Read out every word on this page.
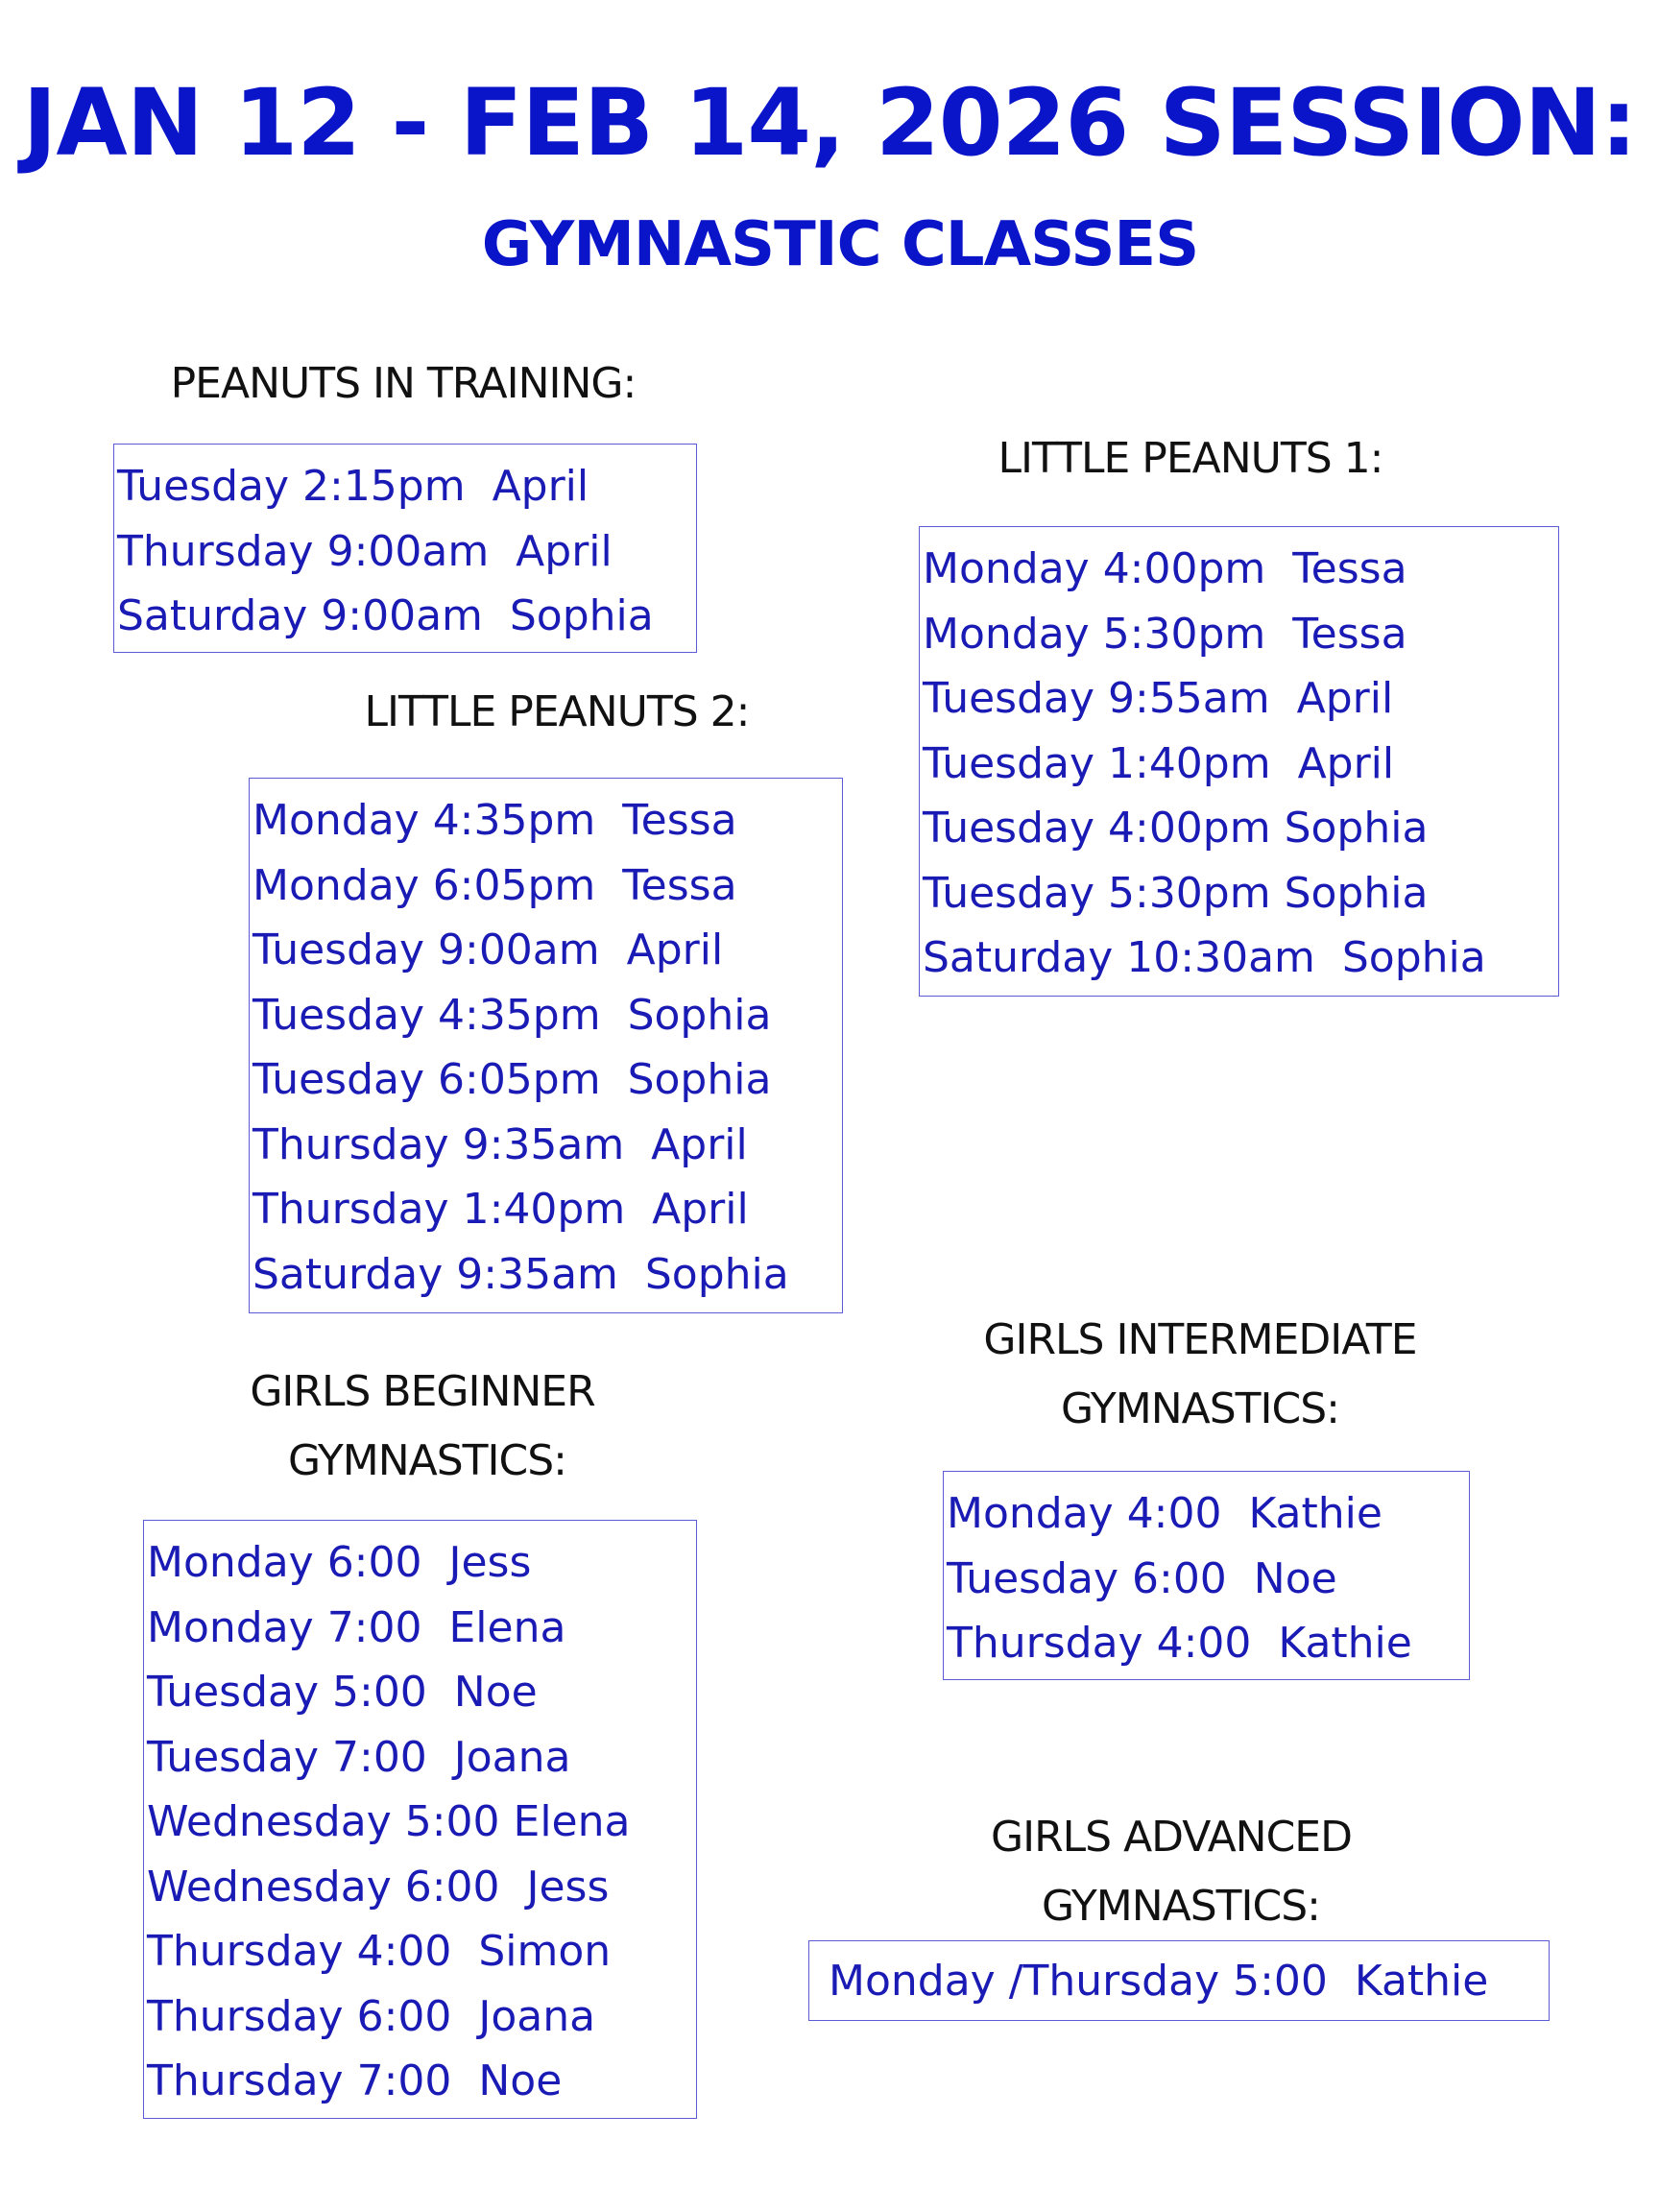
JAN 12 - FEB 14, 2026 SESSION:
GYMNASTIC CLASSES
PEANUTS IN TRAINING:
Tuesday 2:15pm  April
Thursday 9:00am  April
Saturday 9:00am  Sophia
LITTLE PEANUTS 1:
Monday 4:00pm  Tessa
Monday 5:30pm  Tessa
Tuesday 9:55am  April
Tuesday 1:40pm  April
Tuesday 4:00pm Sophia
Tuesday 5:30pm Sophia
Saturday 10:30am  Sophia
LITTLE PEANUTS 2:
Monday 4:35pm  Tessa
Monday 6:05pm  Tessa
Tuesday 9:00am  April
Tuesday 4:35pm  Sophia
Tuesday 6:05pm  Sophia
Thursday 9:35am  April
Thursday 1:40pm  April
Saturday 9:35am  Sophia
GIRLS INTERMEDIATE
GYMNASTICS:
Monday 4:00  Kathie
Tuesday 6:00  Noe
Thursday 4:00  Kathie
GIRLS BEGINNER
GYMNASTICS:
Monday 6:00  Jess
Monday 7:00  Elena
Tuesday 5:00  Noe
Tuesday 7:00  Joana
Wednesday 5:00 Elena
Wednesday 6:00  Jess
Thursday 4:00  Simon
Thursday 6:00  Joana
Thursday 7:00  Noe
GIRLS ADVANCED
GYMNASTICS:
Monday /Thursday 5:00  Kathie
